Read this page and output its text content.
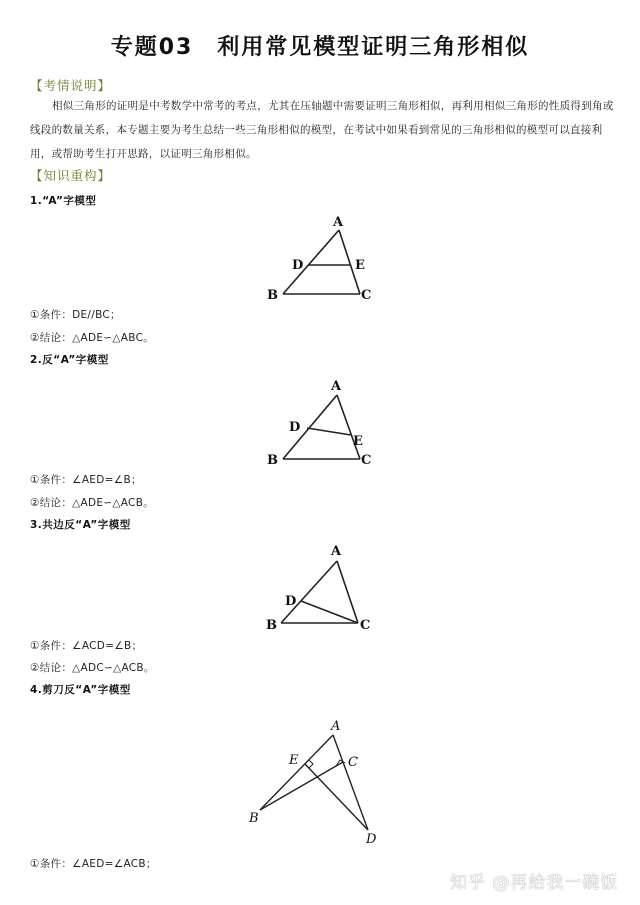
专题03　利用常见模型证明三角形相似
【考情说明】
相似三角形的证明是中考数学中常考的考点，尤其在压轴题中需要证明三角形相似，再利用相似三角形的性质得到角或线段的数量关系，本专题主要为考生总结一些三角形相似的模型，在考试中如果看到常见的三角形相似的模型可以直接利用，或帮助考生打开思路，以证明三角形相似。
【知识重构】
1.“A”字模型
A
D	E
B	C
①条件：DE//BC；
②结论：△ADE∽△ABC。
2.反“A”字模型
A
D
E
B	C
①条件：∠AED=∠B；
②结论：△ADE∽△ACB。
3.共边反“A”字模型
A
D
B	C
①条件：∠ACD=∠B；
②结论：△ADC∽△ACB。
4.剪刀反“A”字模型
A
E	C
B
D
①条件：∠AED=∠ACB；
知乎 @再给我一碗饭
